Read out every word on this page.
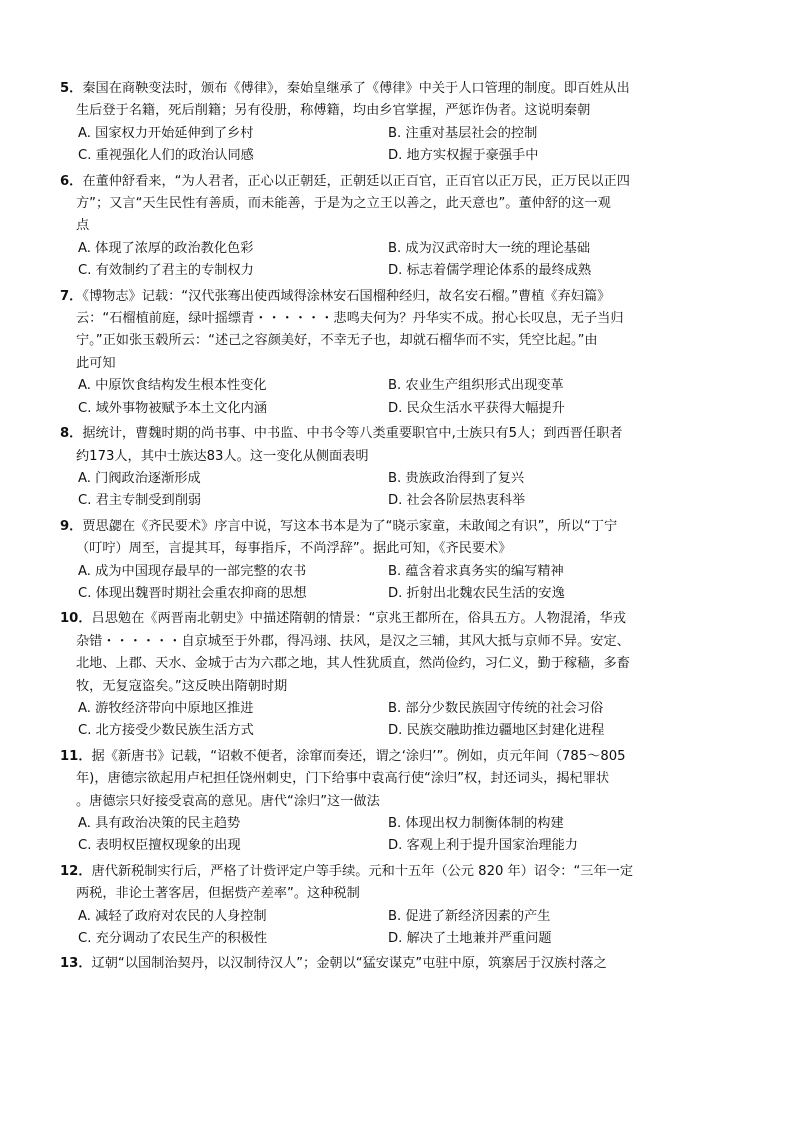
5．秦国在商鞅变法时，颁布《傅律》，秦始皇继承了《傅律》中关于人口管理的制度。即百姓从出
生后登于名籍，死后削籍；另有役册，称傅籍，均由乡官掌握，严惩诈伪者。这说明秦朝
A. 国家权力开始延伸到了乡村	B. 注重对基层社会的控制
C. 重视强化人们的政治认同感	D. 地方实权握于豪强手中
6．在董仲舒看来，“为人君者，正心以正朝廷，正朝廷以正百官，正百官以正万民，正万民以正四
方”；又言“天生民性有善质，而未能善，于是为之立王以善之，此天意也”。董仲舒的这一观
点
A. 体现了浓厚的政治教化色彩	B. 成为汉武帝时大一统的理论基础
C. 有效制约了君主的专制权力	D. 标志着儒学理论体系的最终成熟
7．《博物志》记载：“汉代张骞出使西域得涂林安石国榴种经归，故名安石榴。”曹植《弃妇篇》
云：“石榴植前庭，绿叶摇缥青・・・・・・悲鸣夫何为？丹华实不成。拊心长叹息，无子当归
宁。”正如张玉毂所云：“述己之容颜美好，不幸无子也，却就石榴华而不实，凭空比起。”由
此可知
A. 中原饮食结构发生根本性变化	B. 农业生产组织形式出现变革
C. 域外事物被赋予本土文化内涵	D. 民众生活水平获得大幅提升
8．据统计，曹魏时期的尚书事、中书监、中书令等八类重要职官中,士族只有5人；到西晋任职者
约173人，其中士族达83人。这一变化从侧面表明
A. 门阀政治逐渐形成	B. 贵族政治得到了复兴
C. 君主专制受到削弱	D. 社会各阶层热衷科举
9．贾思勰在《齐民要术》序言中说，写这本书本是为了“晓示家童，未敢闻之有识”，所以“丁宁
（叮咛）周至，言提其耳，每事指斥，不尚浮辞”。据此可知，《齐民要术》
A. 成为中国现存最早的一部完整的农书	B. 蕴含着求真务实的编写精神
C. 体现出魏晋时期社会重农抑商的思想	D. 折射出北魏农民生活的安逸
10．吕思勉在《两晋南北朝史》中描述隋朝的情景：“京兆王都所在，俗具五方。人物混淆，华戎
杂错・・・・・・自京城至于外郡，得冯翊、扶风，是汉之三辅，其风大抵与京师不异。安定、
北地、上郡、天水、金城于古为六郡之地，其人性犹质直，然尚俭约，习仁义，勤于稼穑，多畜
牧，无复寇盗矣。”这反映出隋朝时期
A. 游牧经济带向中原地区推进	B. 部分少数民族固守传统的社会习俗
C. 北方接受少数民族生活方式	D. 民族交融助推边疆地区封建化进程
11．据《新唐书》记载，“诏敕不便者，涂窜而奏还，谓之‘涂归’”。例如，贞元年间（785～805
年)，唐德宗欲起用卢杞担任饶州刺史，门下给事中袁高行使“涂归”权，封还词头，揭杞罪状
。唐德宗只好接受袁高的意见。唐代“涂归”这一做法
A. 具有政治决策的民主趋势	B. 体现出权力制衡体制的构建
C. 表明权臣擅权现象的出现	D. 客观上利于提升国家治理能力
12．唐代新税制实行后，严格了计赀评定户等手续。元和十五年（公元 820 年）诏令：“三年一定
两税，非论土著客居，但据赀产差率”。这种税制
A. 减轻了政府对农民的人身控制	B. 促进了新经济因素的产生
C. 充分调动了农民生产的积极性	D. 解决了土地兼并严重问题
13．辽朝“以国制治契丹，以汉制待汉人”；金朝以“猛安谋克”屯驻中原，筑寨居于汉族村落之
